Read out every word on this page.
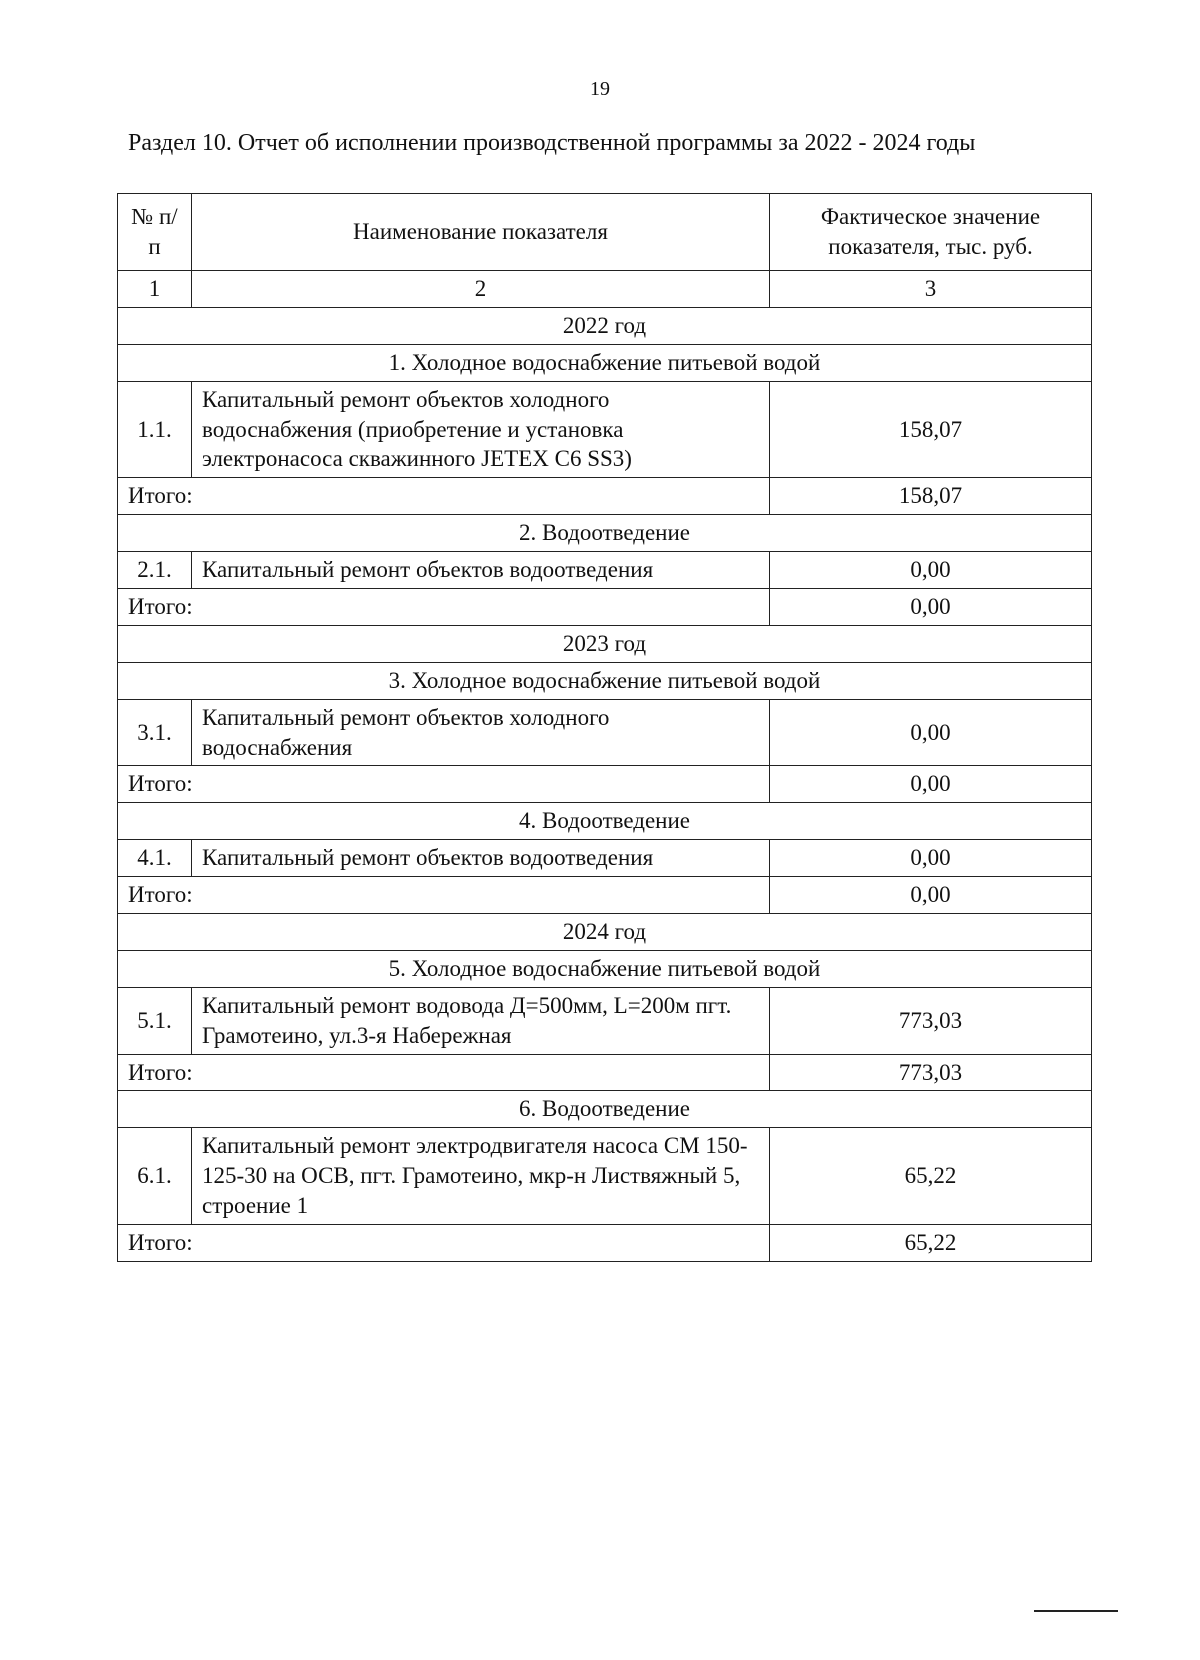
19
Раздел 10. Отчет об исполнении производственной программы за 2022 - 2024 годы
№ п/п	Наименование показателя	Фактическое значение показателя, тыс. руб.
1	2	3
2022 год		
1. Холодное водоснабжение питьевой водой		
1.1.	Капитальный ремонт объектов холодного водоснабжения (приобретение и установка электронасоса скважинного JETEX C6 SS3)	158,07
Итого:		158,07
2. Водоотведение		
2.1.	Капитальный ремонт объектов водоотведения	0,00
Итого:		0,00
2023 год		
3. Холодное водоснабжение питьевой водой		
3.1.	Капитальный ремонт объектов холодного водоснабжения	0,00
Итого:		0,00
4. Водоотведение		
4.1.	Капитальный ремонт объектов водоотведения	0,00
Итого:		0,00
2024 год		
5. Холодное водоснабжение питьевой водой		
5.1.	Капитальный ремонт водовода Д=500мм, L=200м пгт. Грамотеино, ул.3-я Набережная	773,03
Итого:		773,03
6. Водоотведение		
6.1.	Капитальный ремонт электродвигателя насоса СМ 150- 125-30 на ОСВ, пгт. Грамотеино, мкр-н Листвяжный 5, строение 1	65,22
Итого:		65,22
